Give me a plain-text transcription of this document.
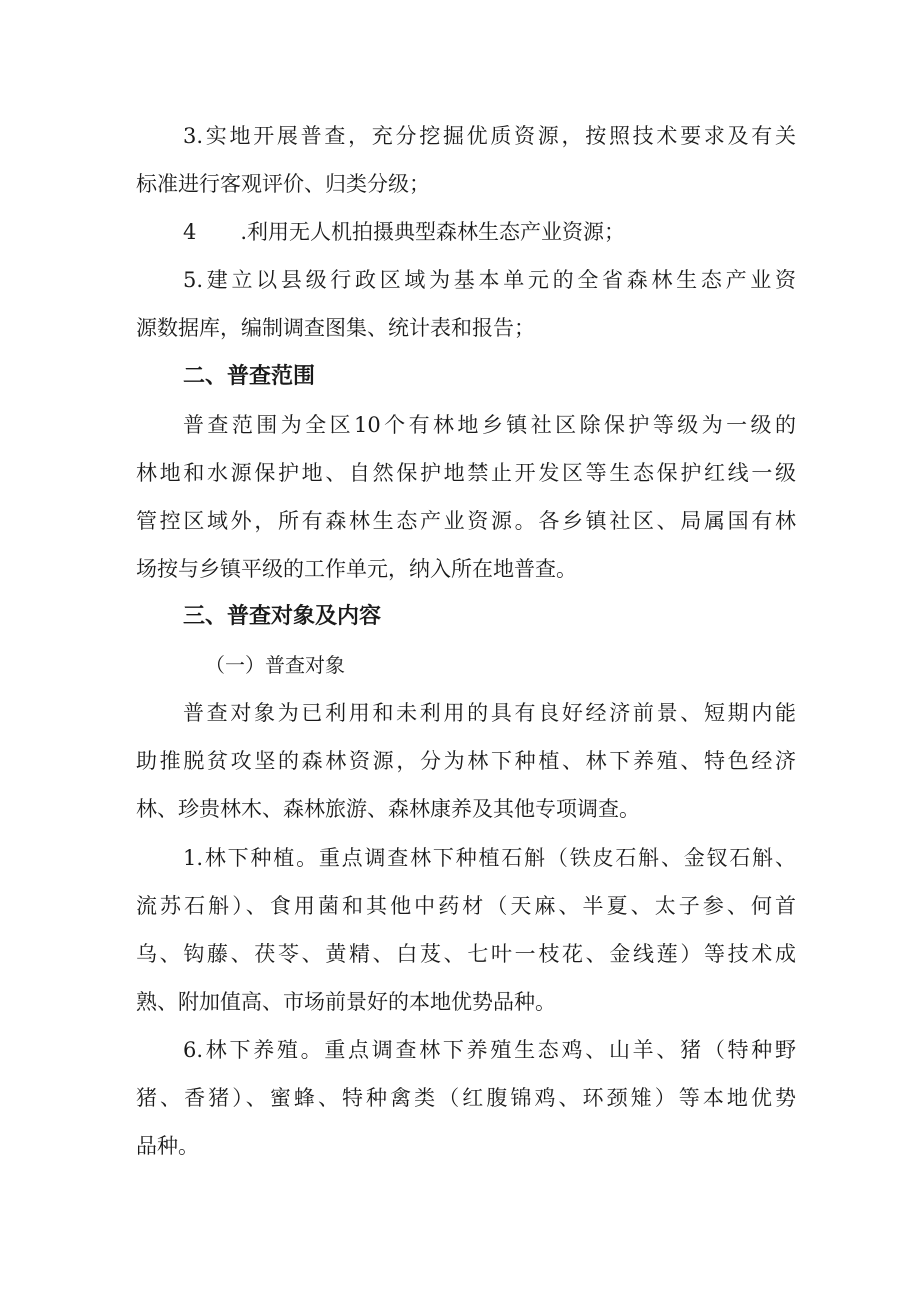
3.实地开展普查，充分挖掘优质资源，按照技术要求及有关
标准进行客观评价、归类分级；
4 .利用无人机拍摄典型森林生态产业资源；
5.建立以县级行政区域为基本单元的全省森林生态产业资
源数据库，编制调查图集、统计表和报告；
二、普查范围
普查范围为全区10个有林地乡镇社区除保护等级为一级的
林地和水源保护地、自然保护地禁止开发区等生态保护红线一级
管控区域外，所有森林生态产业资源。各乡镇社区、局属国有林
场按与乡镇平级的工作单元，纳入所在地普查。
三、普查对象及内容
（一）普查对象
普查对象为已利用和未利用的具有良好经济前景、短期内能
助推脱贫攻坚的森林资源，分为林下种植、林下养殖、特色经济
林、珍贵林木、森林旅游、森林康养及其他专项调查。
1.林下种植。重点调查林下种植石斛（铁皮石斛、金钗石斛、
流苏石斛）、食用菌和其他中药材（天麻、半夏、太子参、何首
乌、钩藤、茯苓、黄精、白芨、七叶一枝花、金线莲）等技术成
熟、附加值高、市场前景好的本地优势品种。
6.林下养殖。重点调查林下养殖生态鸡、山羊、猪（特种野
猪、香猪）、蜜蜂、特种禽类（红腹锦鸡、环颈雉）等本地优势
品种。
